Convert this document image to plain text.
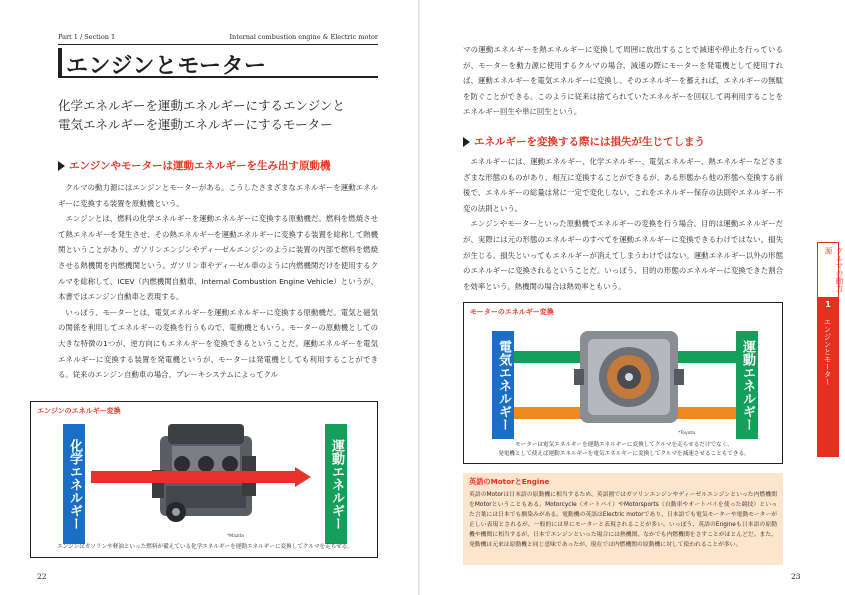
Part 1 / Section 1	Internal combustion engine & Electric motor
エンジンとモーター
化学エネルギーを運動エネルギーにするエンジンと
電気エネルギーを運動エネルギーにするモーター
エンジンやモーターは運動エネルギーを生み出す原動機

クルマの動力源にはエンジンとモーターがある。こうしたさまざまなエネルギーを運動エネルギーに変換する装置を原動機という。

エンジンとは、燃料の化学エネルギーを運動エネルギーに変換する原動機だ。燃料を燃焼させて熱エネルギーを発生させ、その熱エネルギーを運動エネルギーに変換する装置を総称して熱機関ということがあり、ガソリンエンジンやディーゼルエンジンのように装置の内部で燃料を燃焼させる熱機関を内燃機関という。ガソリン車やディーゼル車のように内燃機関だけを使用するクルマを総称して、ICEV（内燃機関自動車、Internal Combustion Engine Vehicle）というが、本書ではエンジン自動車と表現する。

いっぽう、モーターとは、電気エネルギーを運動エネルギーに変換する原動機だ。電気と磁気の関係を利用してエネルギーの変換を行うもので、電動機ともいう。モーターの原動機としての大きな特徴の1つが、逆方向にもエネルギーを変換できるということだ。運動エネルギーを電気エネルギーに変換する装置を発電機というが、モーターは発電機としても利用することができる。従来のエンジン自動車の場合、ブレーキシステムによってクル

エンジンのエネルギー変換
化学エネルギー	運動エネルギー
*Mazda
エンジンはガソリンや軽油といった燃料が備えている化学エネルギーを運動エネルギーに変換してクルマを走らせる。
22

マの運動エネルギーを熱エネルギーに変換して周囲に放出することで減速や停止を行っているが、モーターを動力源に使用するクルマの場合、減速の際にモーターを発電機として使用すれば、運動エネルギーを電気エネルギーに変換し、そのエネルギーを蓄えれば、エネルギーの無駄を防ぐことができる。このように従来は捨てられていたエネルギーを回収して再利用することをエネルギー回生や単に回生という。

エネルギーを変換する際には損失が生じてしまう

エネルギーには、運動エネルギー、化学エネルギー、電気エネルギー、熱エネルギーなどさまざまな形態のものがあり、相互に変換することができるが、ある形態から他の形態へ変換する前後で、エネルギーの総量は常に一定で変化しない。これをエネルギー保存の法則やエネルギー不変の法則という。

エンジンやモーターといった原動機でエネルギーの変換を行う場合、目的は運動エネルギーだが、実際には元の形態のエネルギーのすべてを運動エネルギーに変換できるわけではない。損失が生じる。損失といってもエネルギーが消えてしまうわけではない。運動エネルギー以外の形態のエネルギーに変換されるということだ。いっぽう、目的の形態のエネルギーに変換できた割合を効率という。熱機関の場合は熱効率ともいう。

モーターのエネルギー変換
電気エネルギー	運動エネルギー
*Toyota
モーターは電気エネルギーを運動エネルギーに変換してクルマを走らせるだけでなく、
発電機として使えば運動エネルギーを電気エネルギーに変換してクルマを減速させることもできる。
23
英語のMotorとEngine
英語のMotorは日本語の原動機に相当するため、英語圏ではガソリンエンジンやディーゼルエンジンといった内燃機関をMotorということもある。Motorcycle（オートバイ）やMotorsports（自動車やオートバイを使った競技）といった言葉には日本でも馴染みがある。電動機の英語はElectric motorであり、日本語でも電気モーターや電動モーターが正しい表現とされるが、一般的には単にモーターと表現されることが多い。いっぽう、英語のEngineも日本語の原動機や機関に相当するが、日本でエンジンといった場合には熱機関、なかでも内燃機関をさすことがほとんどだ。また、発動機は元来は原動機と同じ意味であったが、現在では内燃機関の原動機に対して使われることが多い。
クルマの動力源
1
エンジンとモーター
